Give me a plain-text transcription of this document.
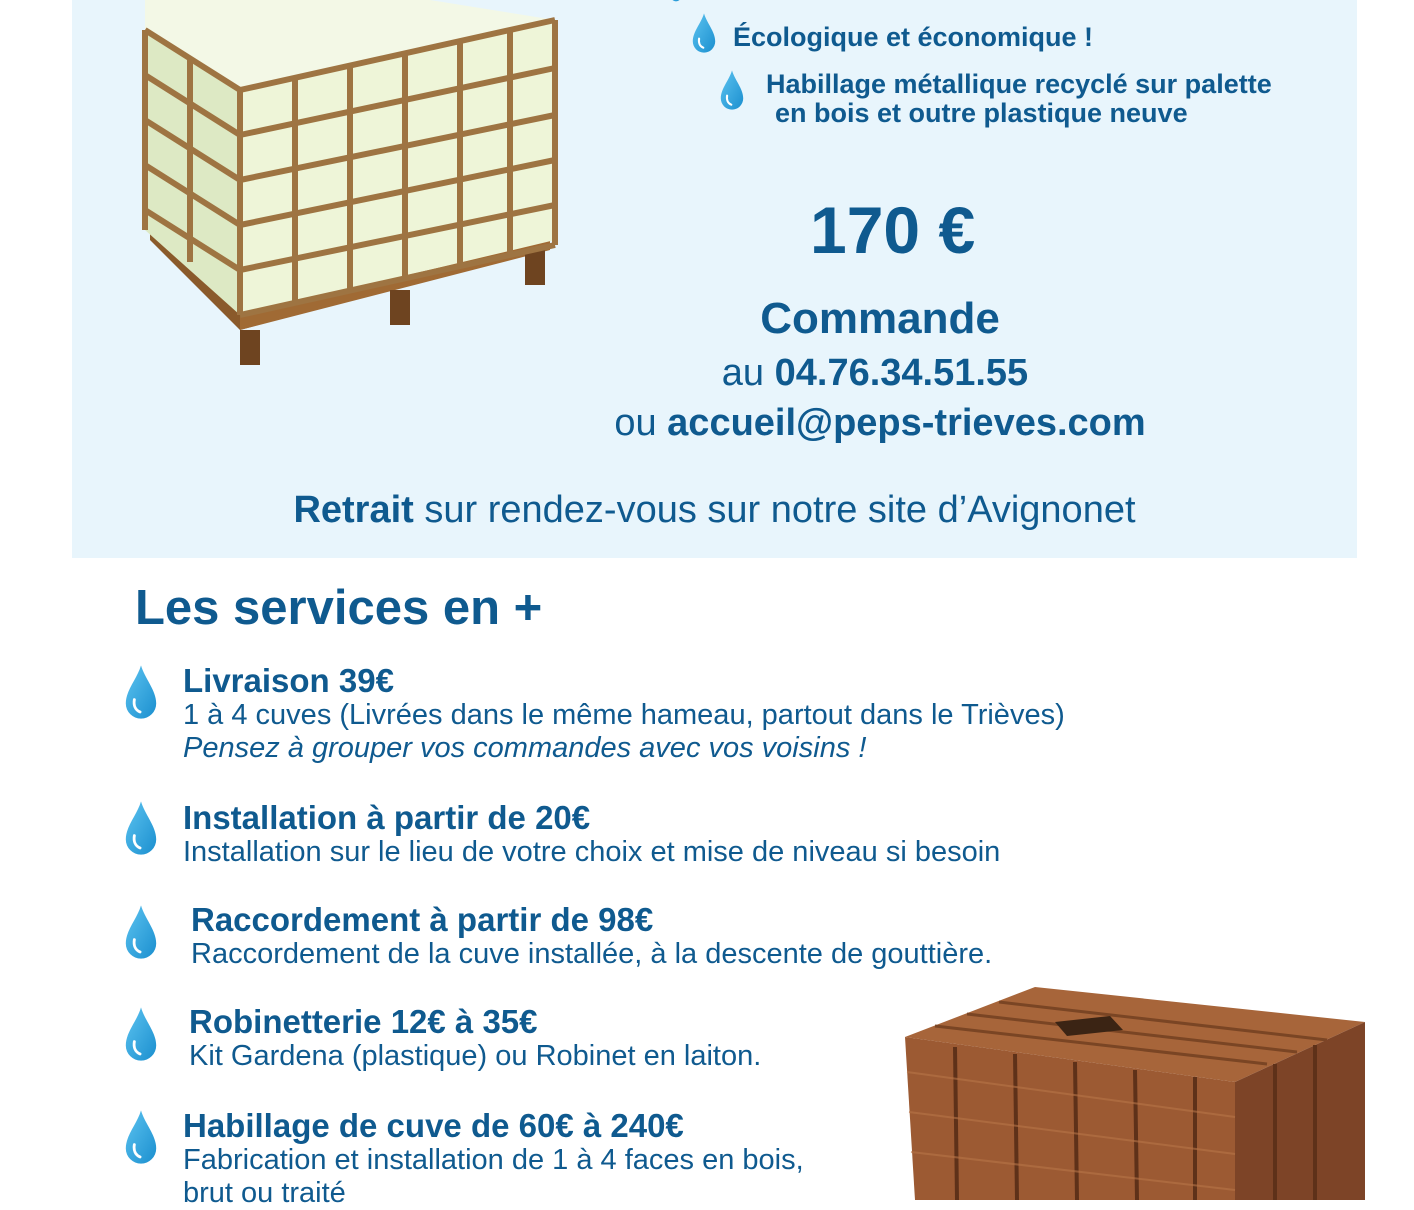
Écologique et économique !
Habillage métallique recyclé sur palette
en bois et outre plastique neuve
170 €
Commande
au 04.76.34.51.55
ou accueil@peps-trieves.com
Retrait sur rendez-vous sur notre site d’Avignonet
Les services en +
Livraison 39€
1 à 4 cuves (Livrées dans le même hameau, partout dans le Trièves)
Pensez à grouper vos commandes avec vos voisins !
Installation à partir de 20€
Installation sur le lieu de votre choix et mise de niveau si besoin
Raccordement à partir de 98€
Raccordement de la cuve installée, à la descente de gouttière.
Robinetterie 12€ à 35€
Kit Gardena (plastique) ou Robinet en laiton.
Habillage de cuve de 60€ à 240€
Fabrication et installation de 1 à 4 faces en bois,
brut ou traité
